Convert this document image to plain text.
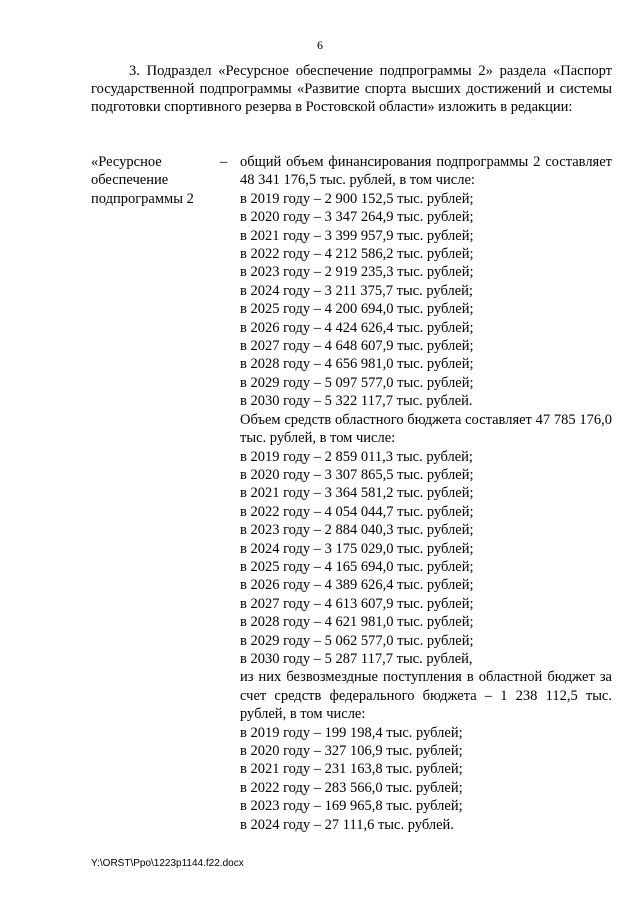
6
3. Подраздел «Ресурсное обеспечение подпрограммы 2» раздела «Паспорт государственной подпрограммы «Развитие спорта высших достижений и системы подготовки спортивного резерва в Ростовской области» изложить в редакции:
«Ресурсное обеспечение подпрограммы 2
– общий объем финансирования подпрограммы 2 составляет 48 341 176,5 тыс. рублей, в том числе:
в 2019 году – 2 900 152,5 тыс. рублей;
в 2020 году – 3 347 264,9 тыс. рублей;
в 2021 году – 3 399 957,9 тыс. рублей;
в 2022 году – 4 212 586,2 тыс. рублей;
в 2023 году – 2 919 235,3 тыс. рублей;
в 2024 году – 3 211 375,7 тыс. рублей;
в 2025 году – 4 200 694,0 тыс. рублей;
в 2026 году – 4 424 626,4 тыс. рублей;
в 2027 году – 4 648 607,9 тыс. рублей;
в 2028 году – 4 656 981,0 тыс. рублей;
в 2029 году – 5 097 577,0 тыс. рублей;
в 2030 году – 5 322 117,7 тыс. рублей.
Объем средств областного бюджета составляет 47 785 176,0 тыс. рублей, в том числе:
в 2019 году – 2 859 011,3 тыс. рублей;
в 2020 году – 3 307 865,5 тыс. рублей;
в 2021 году – 3 364 581,2 тыс. рублей;
в 2022 году – 4 054 044,7 тыс. рублей;
в 2023 году – 2 884 040,3 тыс. рублей;
в 2024 году – 3 175 029,0 тыс. рублей;
в 2025 году – 4 165 694,0 тыс. рублей;
в 2026 году – 4 389 626,4 тыс. рублей;
в 2027 году – 4 613 607,9 тыс. рублей;
в 2028 году – 4 621 981,0 тыс. рублей;
в 2029 году – 5 062 577,0 тыс. рублей;
в 2030 году – 5 287 117,7 тыс. рублей,
из них безвозмездные поступления в областной бюджет за счет средств федерального бюджета – 1 238 112,5 тыс. рублей, в том числе:
в 2019 году – 199 198,4 тыс. рублей;
в 2020 году – 327 106,9 тыс. рублей;
в 2021 году – 231 163,8 тыс. рублей;
в 2022 году – 283 566,0 тыс. рублей;
в 2023 году – 169 965,8 тыс. рублей;
в 2024 году – 27 111,6 тыс. рублей.
Y:\ORST\Ppo\1223p1144.f22.docx
